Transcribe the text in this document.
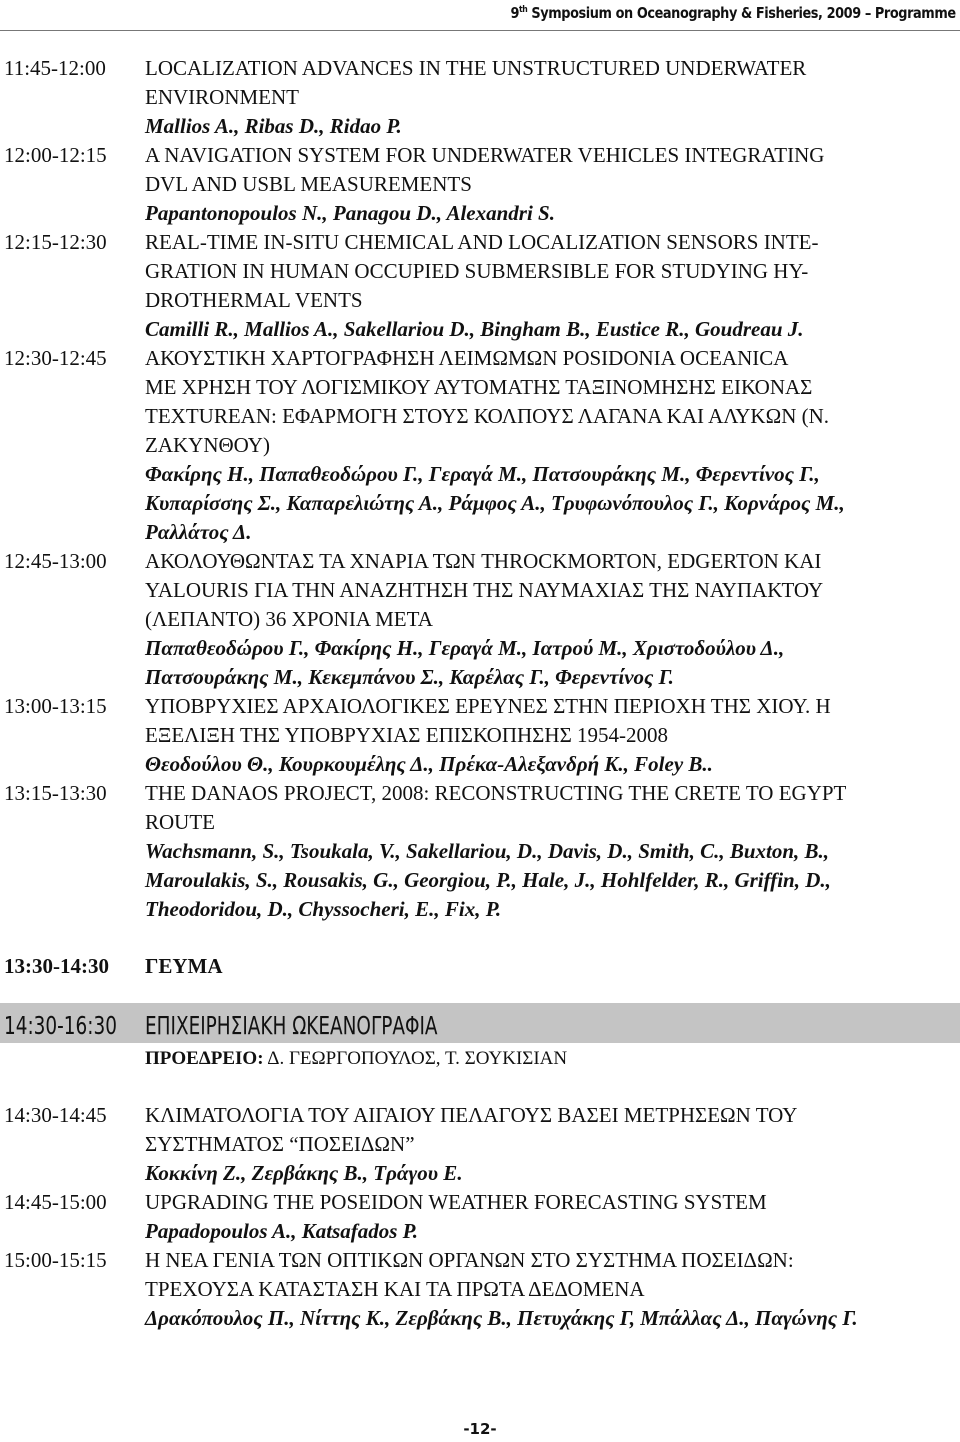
9th Symposium on Oceanography & Fisheries, 2009 – Programme
11:45-12:00	LOCALIZATION ADVANCES IN THE UNSTRUCTURED UNDERWATER
ENVIRONMENT
Mallios A., Ribas D., Ridao P.
12:00-12:15	A NAVIGATION SYSTEM FOR UNDERWATER VEHICLES INTEGRATING
DVL AND USBL MEASUREMENTS
Papantonopoulos N., Panagou D., Alexandri S.
12:15-12:30	REAL-TIME IN-SITU CHEMICAL AND LOCALIZATION SENSORS INTE-
GRATION IN HUMAN OCCUPIED SUBMERSIBLE FOR STUDYING HY-
DROTHERMAL VENTS
Camilli R., Mallios A., Sakellariou D., Bingham B., Eustice R., Goudreau J.
12:30-12:45	ΑΚΟΥΣΤΙΚΗ ΧΑΡΤΟΓΡΑΦΗΣΗ ΛΕΙΜΩΜΩΝ POSIDONIA OCEANICA
ΜΕ ΧΡΗΣΗ ΤΟΥ ΛΟΓΙΣΜΙΚΟΥ ΑΥΤΟΜΑΤΗΣ ΤΑΞΙΝΟΜΗΣΗΣ ΕΙΚΟΝΑΣ
TEXTUREAN: ΕΦΑΡΜΟΓΗ ΣΤΟΥΣ ΚΟΛΠΟΥΣ ΛΑΓΑΝΑ ΚΑΙ ΑΛΥΚΩΝ (Ν.
ΖΑΚΥΝΘΟΥ)
Φακίρης Η., Παπαθεοδώρου Γ., Γεραγά Μ., Πατσουράκης Μ., Φερεντίνος Γ.,
Κυπαρίσσης Σ., Καπαρελιώτης Α., Ράμφος Α., Τρυφωνόπουλος Γ., Κορνάρος Μ.,
Ραλλάτος Δ.
12:45-13:00	ΑΚΟΛΟΥΘΩΝΤΑΣ ΤΑ ΧΝΑΡΙΑ ΤΩΝ THROCKMORTON, EDGERTON ΚΑΙ
YALOURIS ΓΙΑ ΤΗΝ ΑΝΑΖΗΤΗΣΗ ΤΗΣ ΝΑΥΜΑΧΙΑΣ ΤΗΣ ΝΑΥΠΑΚΤΟΥ
(ΛΕΠΑΝΤΟ) 36 ΧΡΟΝΙΑ ΜΕΤΑ
Παπαθεοδώρου Γ., Φακίρης Η., Γεραγά Μ., Ιατρού Μ., Χριστοδούλου Δ.,
Πατσουράκης Μ., Κεκεμπάνου Σ., Καρέλας Γ., Φερεντίνος Γ.
13:00-13:15	ΥΠΟΒΡΥΧΙΕΣ ΑΡΧΑΙΟΛΟΓΙΚΕΣ ΕΡΕΥΝΕΣ ΣΤΗΝ ΠΕΡΙΟΧΗ ΤΗΣ ΧΙΟΥ. Η
ΕΞΕΛΙΞΗ ΤΗΣ ΥΠΟΒΡΥΧΙΑΣ ΕΠΙΣΚΟΠΗΣΗΣ 1954-2008
Θεοδούλου Θ., Κουρκουμέλης Δ., Πρέκα-Αλεξανδρή Κ., Foley B..
13:15-13:30	THE DANAOS PROJECT, 2008: RECONSTRUCTING THE CRETE TO EGYPT
ROUTE
Wachsmann, S., Tsoukala, V., Sakellariou, D., Davis, D., Smith, C., Buxton, B.,
Maroulakis, S., Rousakis, G., Georgiou, P., Hale, J., Hohlfelder, R., Griffin, D.,
Theodoridou, D., Chyssocheri, E., Fix, P.
13:30-14:30	ΓΕΥΜΑ
14:30-16:30 ΕΠΙΧΕΙΡΗΣΙΑΚΗ ΩΚΕΑΝΟΓΡΑΦΙΑ
ΠΡΟΕΔΡΕΙΟ: Δ. ΓΕΩΡΓΟΠΟΥΛΟΣ, Τ. ΣΟΥΚΙΣΙΑΝ
14:30-14:45	ΚΛΙΜΑΤΟΛΟΓΙΑ ΤΟΥ ΑΙΓΑΙΟΥ ΠΕΛΑΓΟΥΣ ΒΑΣΕΙ ΜΕΤΡΗΣΕΩΝ ΤΟΥ
ΣΥΣΤΗΜΑΤΟΣ “ΠΟΣΕΙΔΩΝ”
Κοκκίνη Ζ., Ζερβάκης Β., Τράγου Ε.
14:45-15:00	UPGRADING THE POSEIDON WEATHER FORECASTING SYSTEM
Papadopoulos A., Katsafados P.
15:00-15:15	Η ΝΕΑ ΓΕΝΙΑ ΤΩΝ ΟΠΤΙΚΩΝ ΟΡΓΑΝΩΝ ΣΤΟ ΣΥΣΤΗΜΑ ΠΟΣΕΙΔΩΝ:
ΤΡΕΧΟΥΣΑ ΚΑΤΑΣΤΑΣΗ ΚΑΙ ΤΑ ΠΡΩΤΑ ΔΕΔΟΜΕΝΑ
Δρακόπουλος Π., Νίττης Κ., Ζερβάκης Β., Πετυχάκης Γ, Μπάλλας Δ., Παγώνης Γ.
-12-
